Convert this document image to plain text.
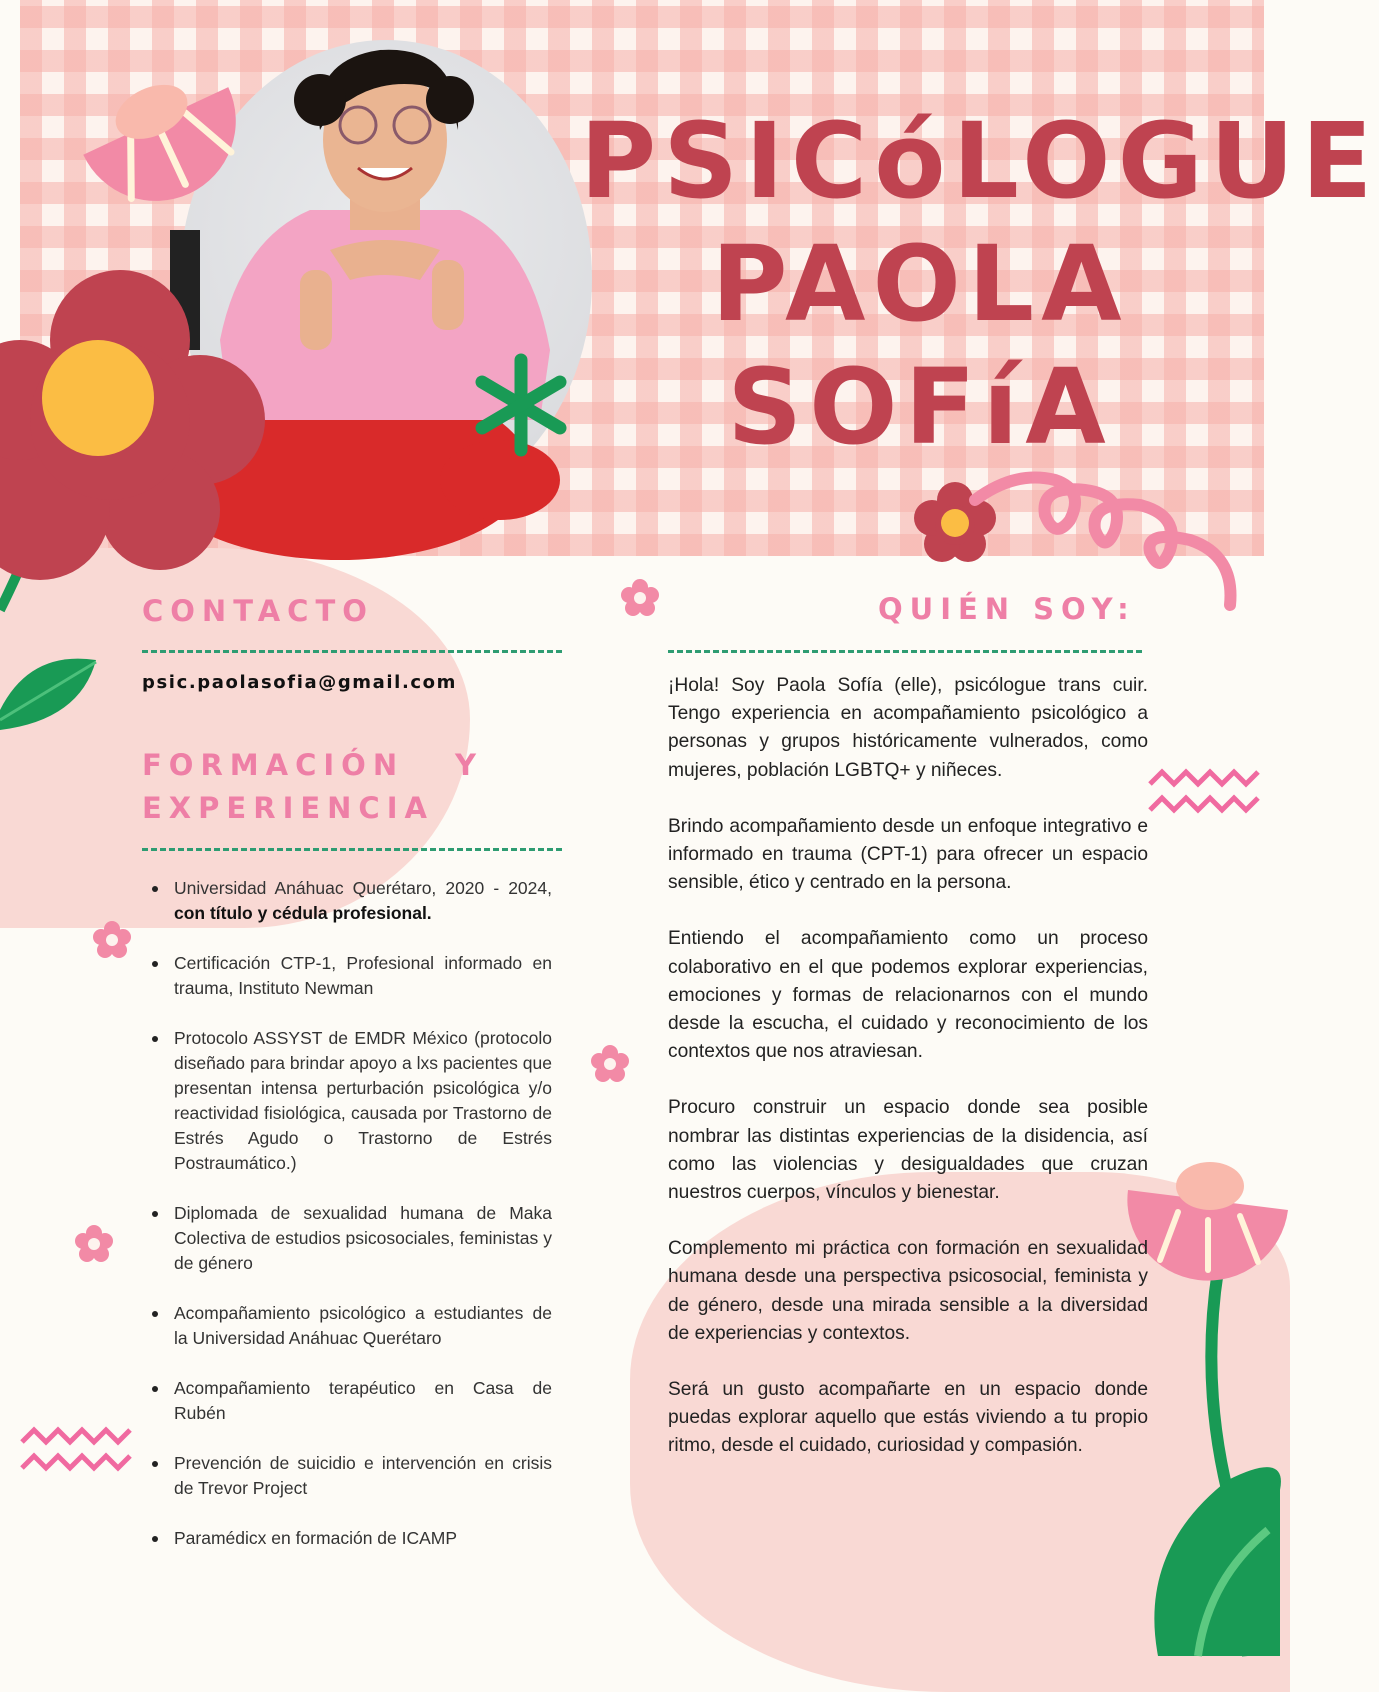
PSICóLOGUE
PAOLA
SOFíA
CONTACTO
psic.paolasofia@gmail.com
FORMACIÓN Y
EXPERIENCIA
Universidad Anáhuac Querétaro, 2020 - 2024, con título y cédula profesional.
Certificación CTP-1, Profesional informado en trauma, Instituto Newman
Protocolo ASSYST de EMDR México (protocolo diseñado para brindar apoyo a lxs pacientes que presentan intensa perturbación psicológica y/o reactividad fisiológica, causada por Trastorno de Estrés Agudo o Trastorno de Estrés Postraumático.)
Diplomada de sexualidad humana de Maka Colectiva de estudios psicosociales, feministas y de género
Acompañamiento psicológico a estudiantes de la Universidad Anáhuac Querétaro
Acompañamiento terapéutico en Casa de Rubén
Prevención de suicidio e intervención en crisis de Trevor Project
Paramédicx en formación de ICAMP
QUIÉN SOY:

¡Hola! Soy Paola Sofía (elle), psicólogue trans cuir. Tengo experiencia en acompañamiento psicológico a personas y grupos históricamente vulnerados, como mujeres, población LGBTQ+ y niñeces.

Brindo acompañamiento desde un enfoque integrativo e informado en trauma (CPT-1) para ofrecer un espacio sensible, ético y centrado en la persona.

Entiendo el acompañamiento como un proceso colaborativo en el que podemos explorar experiencias, emociones y formas de relacionarnos con el mundo desde la escucha, el cuidado y reconocimiento de los contextos que nos atraviesan.

Procuro construir un espacio donde sea posible nombrar las distintas experiencias de la disidencia, así como las violencias y desigualdades que cruzan nuestros cuerpos, vínculos y bienestar.

Complemento mi práctica con formación en sexualidad humana desde una perspectiva psicosocial, feminista y de género, desde una mirada sensible a la diversidad de experiencias y contextos.

Será un gusto acompañarte en un espacio donde puedas explorar aquello que estás viviendo a tu propio ritmo, desde el cuidado, curiosidad y compasión.
